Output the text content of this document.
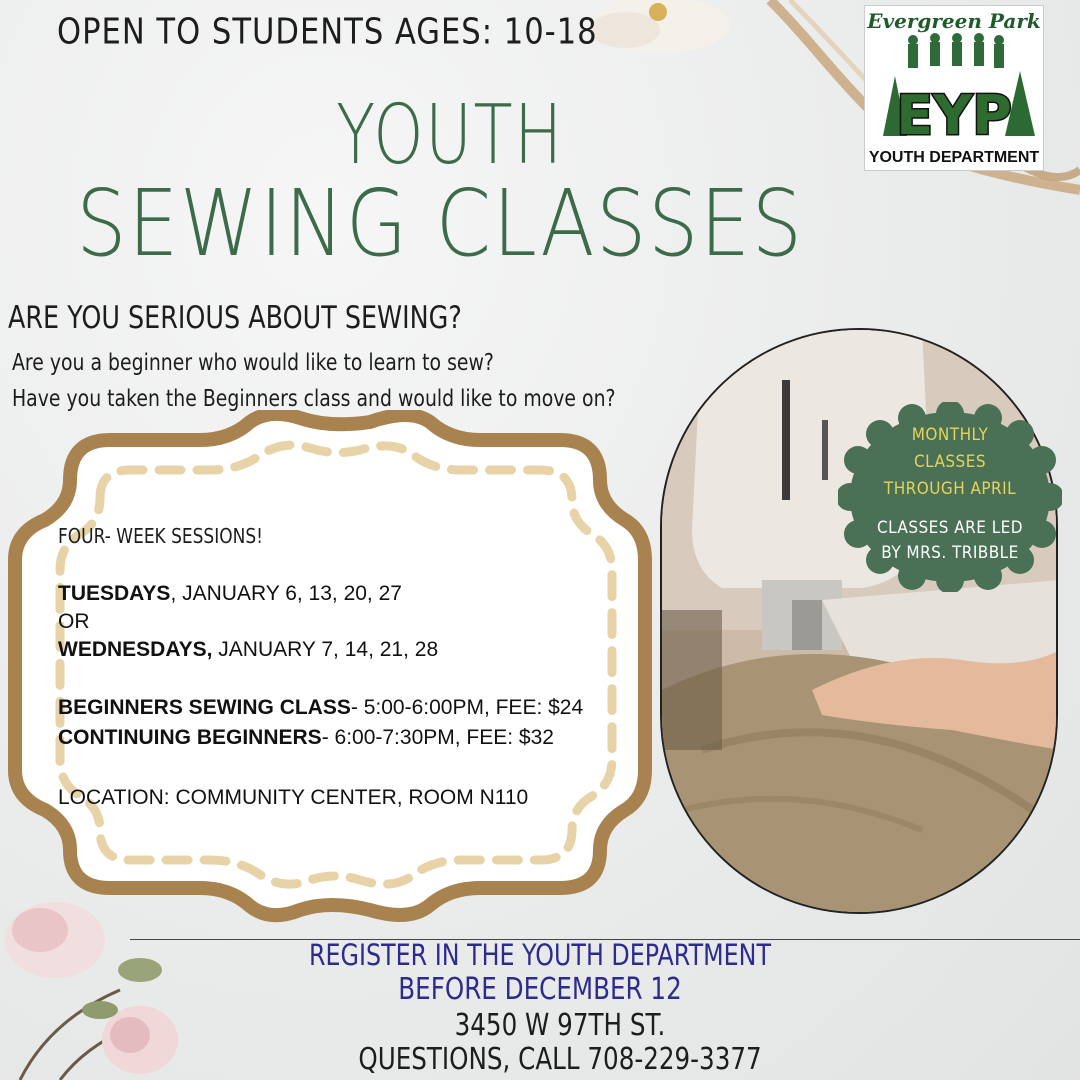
OPEN TO STUDENTS AGES: 10-18	Evergreen Park
EYP
YOUTH DEPARTMENT
YOUTH
SEWING CLASSES
ARE YOU SERIOUS ABOUT SEWING?
Are you a beginner who would like to learn to sew?
Have you taken the Beginners class and would like to move on?
FOUR- WEEK SESSIONS!
TUESDAYS, JANUARY 6, 13, 20, 27
OR
WEDNESDAYS, JANUARY 7, 14, 21, 28
BEGINNERS SEWING CLASS- 5:00-6:00PM, FEE: $24
CONTINUING BEGINNERS- 6:00-7:30PM, FEE: $32
LOCATION: COMMUNITY CENTER, ROOM N110
MONTHLY
CLASSES
THROUGH APRIL
CLASSES ARE LED
BY MRS. TRIBBLE
REGISTER IN THE YOUTH DEPARTMENT
BEFORE DECEMBER 12
3450 W 97TH ST.
QUESTIONS, CALL 708-229-3377
